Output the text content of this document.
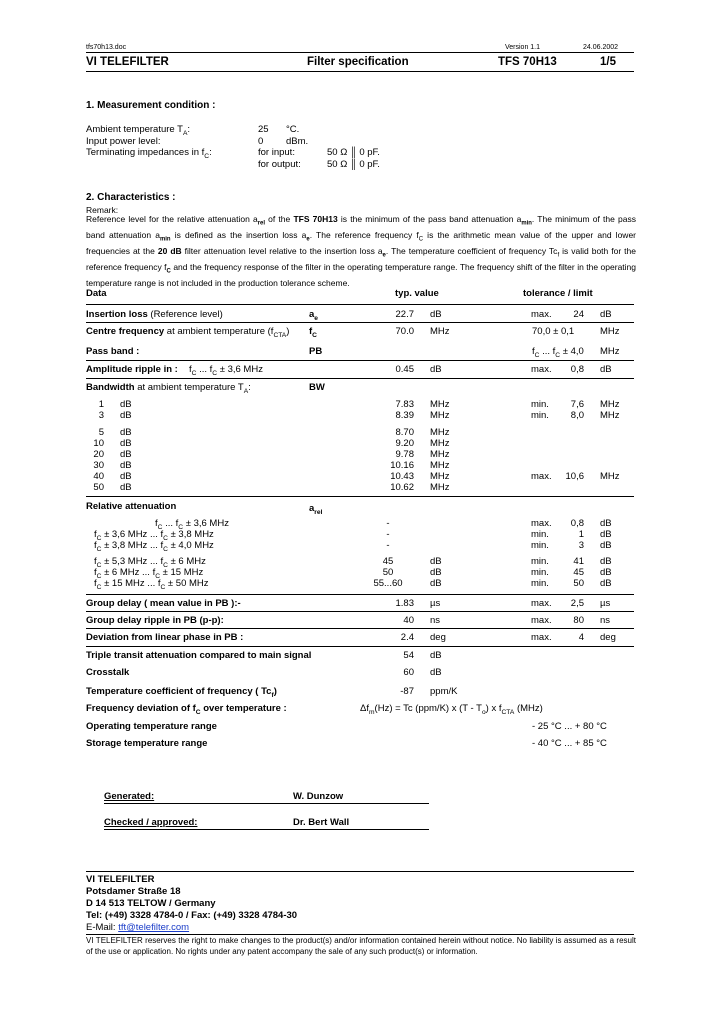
tfs70h13.doc	Version 1.1	24.06.2002
VI TELEFILTER	Filter specification	TFS 70H13	1/5
1. Measurement condition :
Ambient temperature $T_A$:	25 °C.
Input power level:	0 dBm.
Terminating impedances in $f_C$:	for input:	50 Ω ║ 0 pF.
for output:	50 Ω ║ 0 pF.
2. Characteristics :
Remark:
Reference level for the relative attenuation $a_{rel}$ of the TFS 70H13 is the minimum of the pass band attenuation $a_{min}$. The minimum of the pass band attenuation $a_{min}$ is defined as the insertion loss $a_e$. The reference frequency $f_C$ is the arithmetic mean value of the upper and lower frequencies at the 20 dB filter attenuation level relative to the insertion loss $a_e$. The temperature coefficient of frequency $Tc_f$ is valid both for the reference frequency $f_C$ and the frequency response of the filter in the operating temperature range. The frequency shift of the filter in the operating temperature range is not included in the production tolerance scheme.
Data	typ. value	tolerance / limit
Insertion loss (Reference level)	$a_e$	22.7 dB	max.	24 dB
Centre frequency at ambient temperature $(f_{CTA})$ $f_C$	70.0 MHz	70,0 ± 0,1	MHz
Pass band :	PB	$f_C$ ... $f_C \pm 4,0$ MHz
Amplitude ripple in : $f_C$ ... $f_C \pm 3,6$ MHz	0.45 dB	max.	0,8 dB
Bandwidth at ambient temperature $T_A$:	BW
1 dB	7.83 MHz	min.	7,6 MHz
3 dB	8.39 MHz	min.	8,0 MHz
5 dB	8.70 MHz
10 dB	9.20 MHz
20 dB	9.78 MHz
30 dB	10.16 MHz
40 dB	10.43 MHz	max.	10,6 MHz
50 dB	10.62 MHz
Relative attenuation	$a_{rel}$
$f_C$ ... $f_C \pm 3,6$ MHz	-	max.	0,8 dB
$f_C \pm 3,6$ MHz ... $f_C \pm 3,8$ MHz	-	min.	1 dB
$f_C \pm 3,8$ MHz ... $f_C \pm 4,0$ MHz	-	min.	3 dB
$f_C \pm 5,3$ MHz ... $f_C \pm 6$ MHz	45	dB	min.	41 dB
$f_C \pm 6$ MHz ... $f_C \pm 15$ MHz	50	dB	min.	45 dB
$f_C \pm 15$ MHz ... $f_C \pm 50$ MHz	55...60	dB	min.	50 dB
Group delay ( mean value in PB ):-	1.83 µs	max.	2,5 µs
Group delay ripple in PB (p-p):	40 ns	max.	80 ns
Deviation from linear phase in PB :	2.4 deg	max.	4 deg
Triple transit attenuation compared to main signal	54 dB
Crosstalk	60 dB
Temperature coefficient of frequency ( $Tc_f$)	-87 ppm/K
Frequency deviation of $f_C$ over temperature :	$\Delta f_m(Hz) = Tc$ (ppm/K) x $(T - T_o)$ x $f_{CTA}$ (MHz)
Operating temperature range	- 25 °C ... + 80 °C
Storage temperature range	- 40 °C ... + 85 °C
Generated:	W. Dunzow
Checked / approved:	Dr. Bert Wall
VI TELEFILTER
Potsdamer Straße 18
D 14 513 TELTOW / Germany
Tel: (+49) 3328 4784-0 / Fax: (+49) 3328 4784-30
E-Mail: tft@telefilter.com
VI TELEFILTER reserves the right to make changes to the product(s) and/or information contained herein without notice. No liability is assumed as a result of the use or application. No rights under any patent accompany the sale of any such product(s) or information.
